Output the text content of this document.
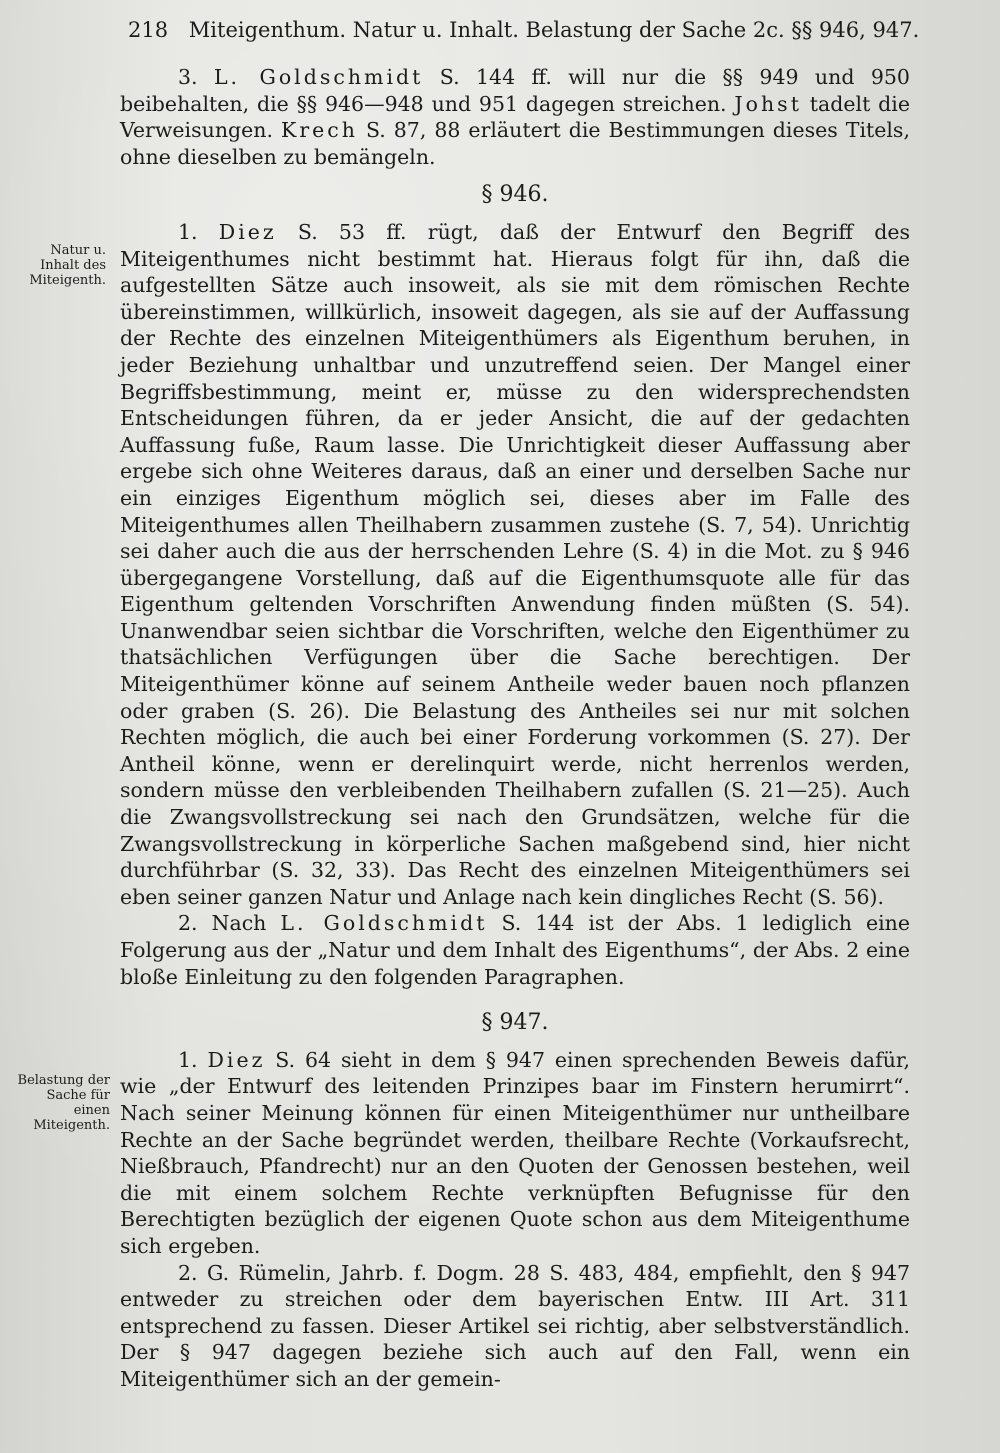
218 Miteigenthum. Natur u. Inhalt. Belastung der Sache 2c. §§ 946, 947.
Natur u. Inhalt des Miteigenth.
Belastung der Sache für einen Miteigenth.

3. L. Goldschmidt S. 144 ff. will nur die §§ 949 und 950 beibehalten, die §§ 946—948 und 951 dagegen streichen. Johst tadelt die Verweisungen. Krech S. 87, 88 erläutert die Bestimmungen dieses Titels, ohne dieselben zu bemängeln.

§ 946.

1. Diez S. 53 ff. rügt, daß der Entwurf den Begriff des Miteigenthumes nicht bestimmt hat. Hieraus folgt für ihn, daß die aufgestellten Sätze auch insoweit, als sie mit dem römischen Rechte übereinstimmen, willkürlich, insoweit dagegen, als sie auf der Auffassung der Rechte des einzelnen Miteigenthümers als Eigenthum beruhen, in jeder Beziehung unhaltbar und unzutreffend seien. Der Mangel einer Begriffsbestimmung, meint er, müsse zu den widersprechendsten Entscheidungen führen, da er jeder Ansicht, die auf der gedachten Auffassung fuße, Raum lasse. Die Unrichtigkeit dieser Auffassung aber ergebe sich ohne Weiteres daraus, daß an einer und derselben Sache nur ein einziges Eigenthum möglich sei, dieses aber im Falle des Miteigenthumes allen Theilhabern zusammen zustehe (S. 7, 54). Unrichtig sei daher auch die aus der herrschenden Lehre (S. 4) in die Mot. zu § 946 übergegangene Vorstellung, daß auf die Eigenthumsquote alle für das Eigenthum geltenden Vorschriften Anwendung finden müßten (S. 54). Unanwendbar seien sichtbar die Vorschriften, welche den Eigenthümer zu thatsächlichen Verfügungen über die Sache berechtigen. Der Miteigenthümer könne auf seinem Antheile weder bauen noch pflanzen oder graben (S. 26). Die Belastung des Antheiles sei nur mit solchen Rechten möglich, die auch bei einer Forderung vorkommen (S. 27). Der Antheil könne, wenn er derelinquirt werde, nicht herrenlos werden, sondern müsse den verbleibenden Theilhabern zufallen (S. 21—25). Auch die Zwangsvollstreckung sei nach den Grundsätzen, welche für die Zwangsvollstreckung in körperliche Sachen maßgebend sind, hier nicht durchführbar (S. 32, 33). Das Recht des einzelnen Miteigenthümers sei eben seiner ganzen Natur und Anlage nach kein dingliches Recht (S. 56).

2. Nach L. Goldschmidt S. 144 ist der Abs. 1 lediglich eine Folgerung aus der „Natur und dem Inhalt des Eigenthums“, der Abs. 2 eine bloße Einleitung zu den folgenden Paragraphen.

§ 947.

1. Diez S. 64 sieht in dem § 947 einen sprechenden Beweis dafür, wie „der Entwurf des leitenden Prinzipes baar im Finstern herumirrt“. Nach seiner Meinung können für einen Miteigenthümer nur untheilbare Rechte an der Sache begründet werden, theilbare Rechte (Vorkaufsrecht, Nießbrauch, Pfandrecht) nur an den Quoten der Genossen bestehen, weil die mit einem solchem Rechte verknüpften Befugnisse für den Berechtigten bezüglich der eigenen Quote schon aus dem Miteigenthume sich ergeben.

2. G. Rümelin, Jahrb. f. Dogm. 28 S. 483, 484, empfiehlt, den § 947 entweder zu streichen oder dem bayerischen Entw. III Art. 311 entsprechend zu fassen. Dieser Artikel sei richtig, aber selbstverständlich. Der § 947 dagegen beziehe sich auch auf den Fall, wenn ein Miteigenthümer sich an der gemein-
